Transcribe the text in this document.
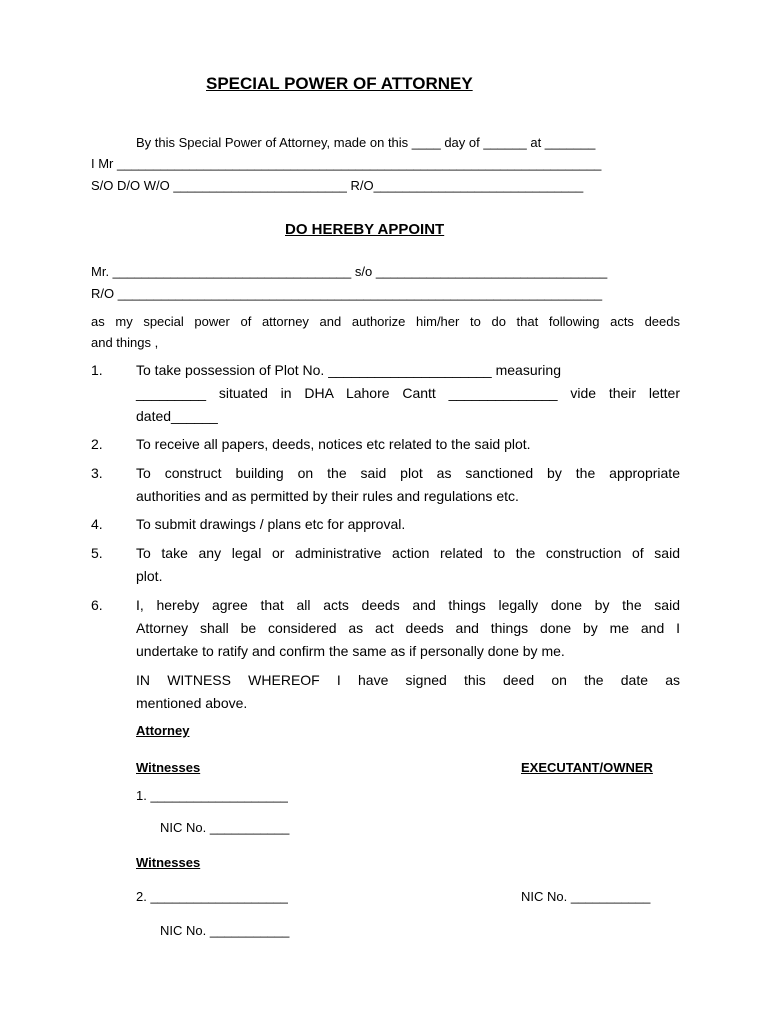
SPECIAL POWER OF ATTORNEY
By this Special Power of Attorney, made on this ____ day of ______ at _______
I Mr ___________________________________________________________________
S/O D/O W/O ________________________ R/O_____________________________
DO HEREBY APPOINT
Mr. _________________________________ s/o ________________________________
R/O ___________________________________________________________________
as my special power of attorney and authorize him/her to do that following acts deeds
and things ,
1. To take possession of Plot No. _____________________ measuring
_________ situated in DHA Lahore Cantt ______________ vide their letter
dated______
2. To receive all papers, deeds, notices etc related to the said plot.
3. To construct building on the said plot as sanctioned by the appropriate
authorities and as permitted by their rules and regulations etc.
4. To submit drawings / plans etc for approval.
5. To take any legal or administrative action related to the construction of said
plot.
6. I, hereby agree that all acts deeds and things legally done by the said
Attorney shall be considered as act deeds and things done by me and I
undertake to ratify and confirm the same as if personally done by me.
IN WITNESS WHEREOF I have signed this deed on the date as
mentioned above.
Attorney
Witnesses	EXECUTANT/OWNER
1. ___________________
NIC No. ___________
Witnesses
2. ___________________	NIC No. ___________
NIC No. ___________
